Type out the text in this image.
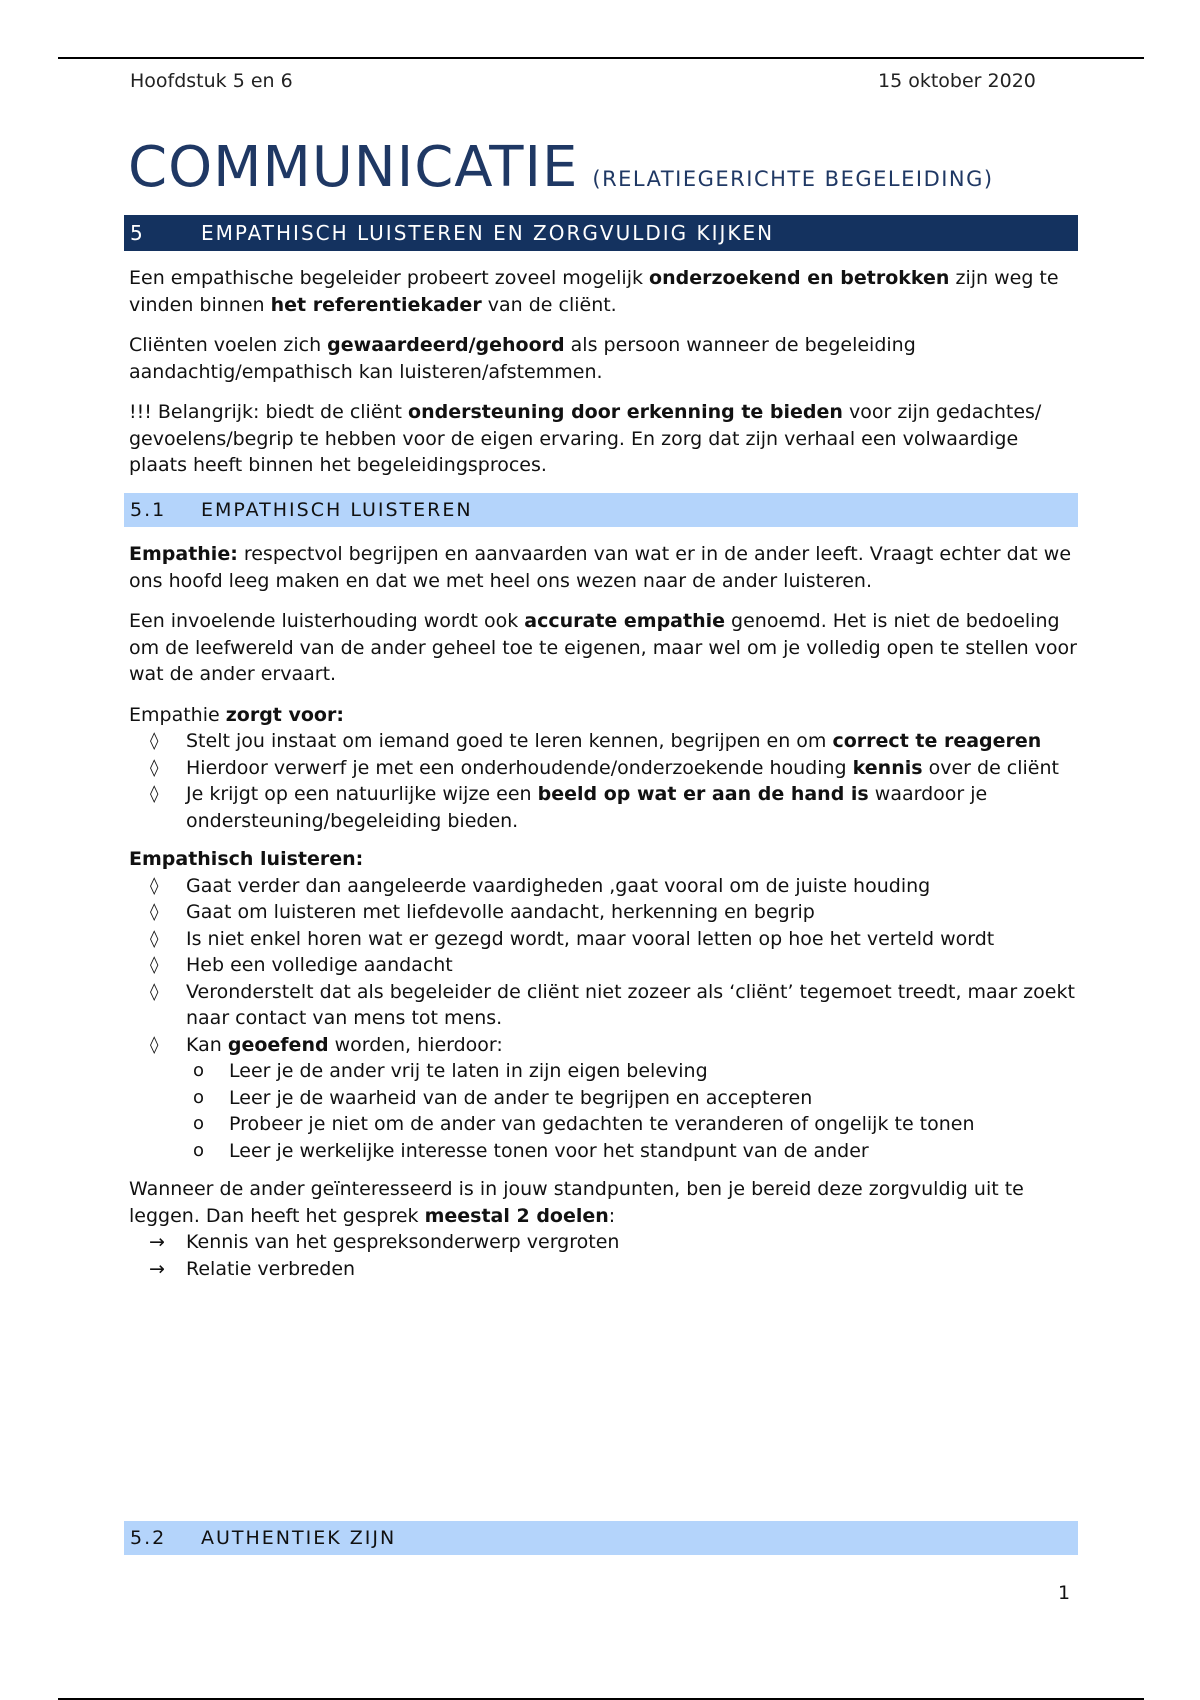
Hoofdstuk 5 en 6	15 oktober 2020
COMMUNICATIE (RELATIEGERICHTE BEGELEIDING)
5	EMPATHISCH LUISTEREN EN ZORGVULDIG KIJKEN

Een empathische begeleider probeert zoveel mogelijk onderzoekend en betrokken zijn weg te vinden binnen het referentiekader van de cliënt.

Cliënten voelen zich gewaardeerd/gehoord als persoon wanneer de begeleiding aandachtig/empathisch kan luisteren/afstemmen.

!!! Belangrijk: biedt de cliënt ondersteuning door erkenning te bieden voor zijn gedachtes/ gevoelens/begrip te hebben voor de eigen ervaring. En zorg dat zijn verhaal een volwaardige plaats heeft binnen het begeleidingsproces.

5.1 EMPATHISCH LUISTEREN

Empathie: respectvol begrijpen en aanvaarden van wat er in de ander leeft. Vraagt echter dat we ons hoofd leeg maken en dat we met heel ons wezen naar de ander luisteren.

Een invoelende luisterhouding wordt ook accurate empathie genoemd. Het is niet de bedoeling om de leefwereld van de ander geheel toe te eigenen, maar wel om je volledig open te stellen voor wat de ander ervaart.

Empathie zorgt voor:

◊ Stelt jou instaat om iemand goed te leren kennen, begrijpen en om correct te reageren
◊ Hierdoor verwerf je met een onderhoudende/onderzoekende houding kennis over de cliënt
◊ Je krijgt op een natuurlijke wijze een beeld op wat er aan de hand is waardoor je ondersteuning/begeleiding bieden.

Empathisch luisteren:

◊ Gaat verder dan aangeleerde vaardigheden ,gaat vooral om de juiste houding
◊ Gaat om luisteren met liefdevolle aandacht, herkenning en begrip
◊ Is niet enkel horen wat er gezegd wordt, maar vooral letten op hoe het verteld wordt
◊ Heb een volledige aandacht
◊ Veronderstelt dat als begeleider de cliënt niet zozeer als ‘cliënt’ tegemoet treedt, maar zoekt naar contact van mens tot mens.
◊ Kan geoefend worden, hierdoor:
o Leer je de ander vrij te laten in zijn eigen beleving
o Leer je de waarheid van de ander te begrijpen en accepteren
o Probeer je niet om de ander van gedachten te veranderen of ongelijk te tonen
o Leer je werkelijke interesse tonen voor het standpunt van de ander

Wanneer de ander geïnteresseerd is in jouw standpunten, ben je bereid deze zorgvuldig uit te leggen. Dan heeft het gesprek meestal 2 doelen:

→ Kennis van het gespreksonderwerp vergroten
→ Relatie verbreden
5.2 AUTHENTIEK ZIJN
1
